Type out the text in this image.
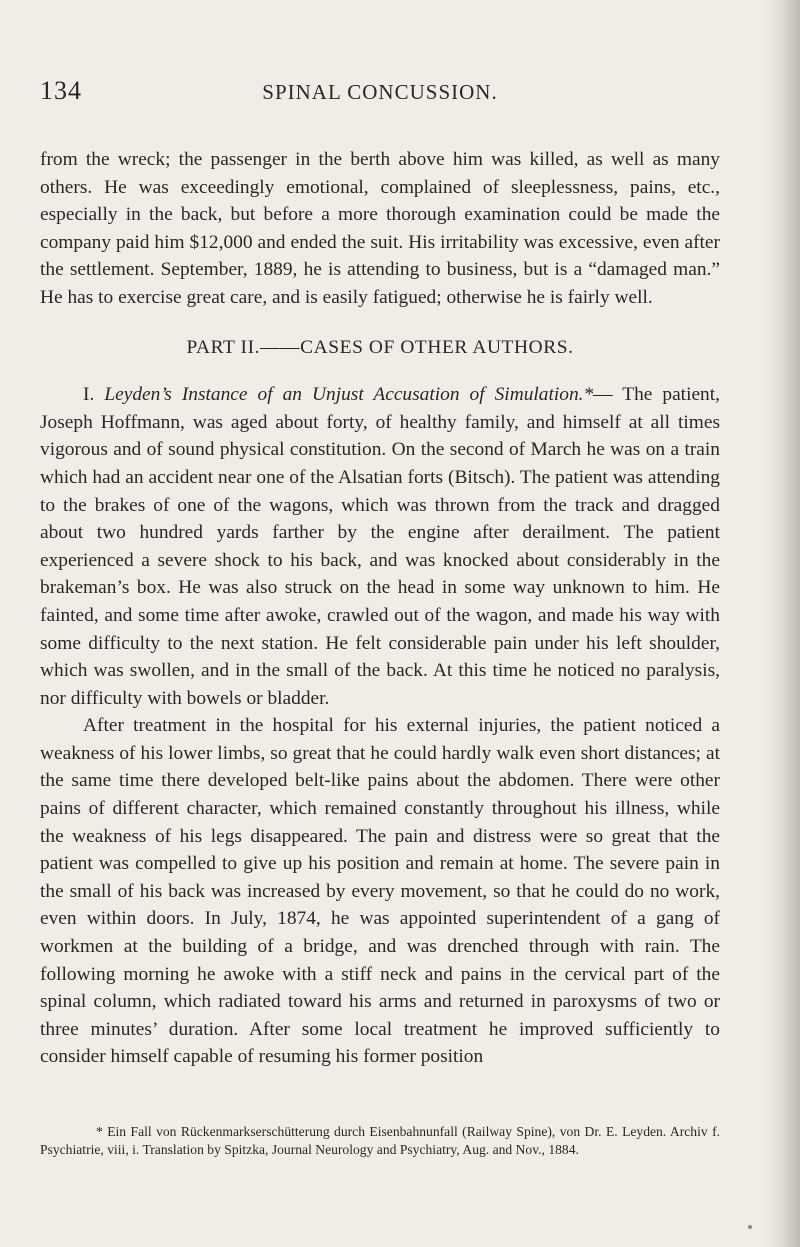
134	SPINAL CONCUSSION.

from the wreck; the passenger in the berth above him was killed, as well as many others. He was exceedingly emotional, complained of sleeplessness, pains, etc., especially in the back, but before a more thorough examination could be made the company paid him $12,000 and ended the suit. His irritability was excessive, even after the settlement. September, 1889, he is attending to business, but is a “damaged man.” He has to exercise great care, and is easily fatigued; otherwise he is fairly well.

PART II.——CASES OF OTHER AUTHORS.

I. Leyden’s Instance of an Unjust Accusation of Simulation.*— The patient, Joseph Hoffmann, was aged about forty, of healthy family, and himself at all times vigorous and of sound physical constitution. On the second of March he was on a train which had an accident near one of the Alsatian forts (Bitsch). The patient was attending to the brakes of one of the wagons, which was thrown from the track and dragged about two hundred yards farther by the engine after derailment. The patient experienced a severe shock to his back, and was knocked about considerably in the brakeman’s box. He was also struck on the head in some way unknown to him. He fainted, and some time after awoke, crawled out of the wagon, and made his way with some difficulty to the next station. He felt considerable pain under his left shoulder, which was swollen, and in the small of the back. At this time he noticed no paralysis, nor difficulty with bowels or bladder.

After treatment in the hospital for his external injuries, the patient noticed a weakness of his lower limbs, so great that he could hardly walk even short distances; at the same time there developed belt-like pains about the abdomen. There were other pains of different character, which remained constantly throughout his illness, while the weakness of his legs disappeared. The pain and distress were so great that the patient was compelled to give up his position and remain at home. The severe pain in the small of his back was increased by every movement, so that he could do no work, even within doors. In July, 1874, he was appointed superintendent of a gang of workmen at the building of a bridge, and was drenched through with rain. The following morning he awoke with a stiff neck and pains in the cervical part of the spinal column, which radiated toward his arms and returned in paroxysms of two or three minutes’ duration. After some local treatment he improved sufficiently to consider himself capable of resuming his former position

* Ein Fall von Rückenmarkserschütterung durch Eisenbahnunfall (Railway Spine), von Dr. E. Leyden. Archiv f. Psychiatrie, viii, i. Translation by Spitzka, Journal Neurology and Psychiatry, Aug. and Nov., 1884.
